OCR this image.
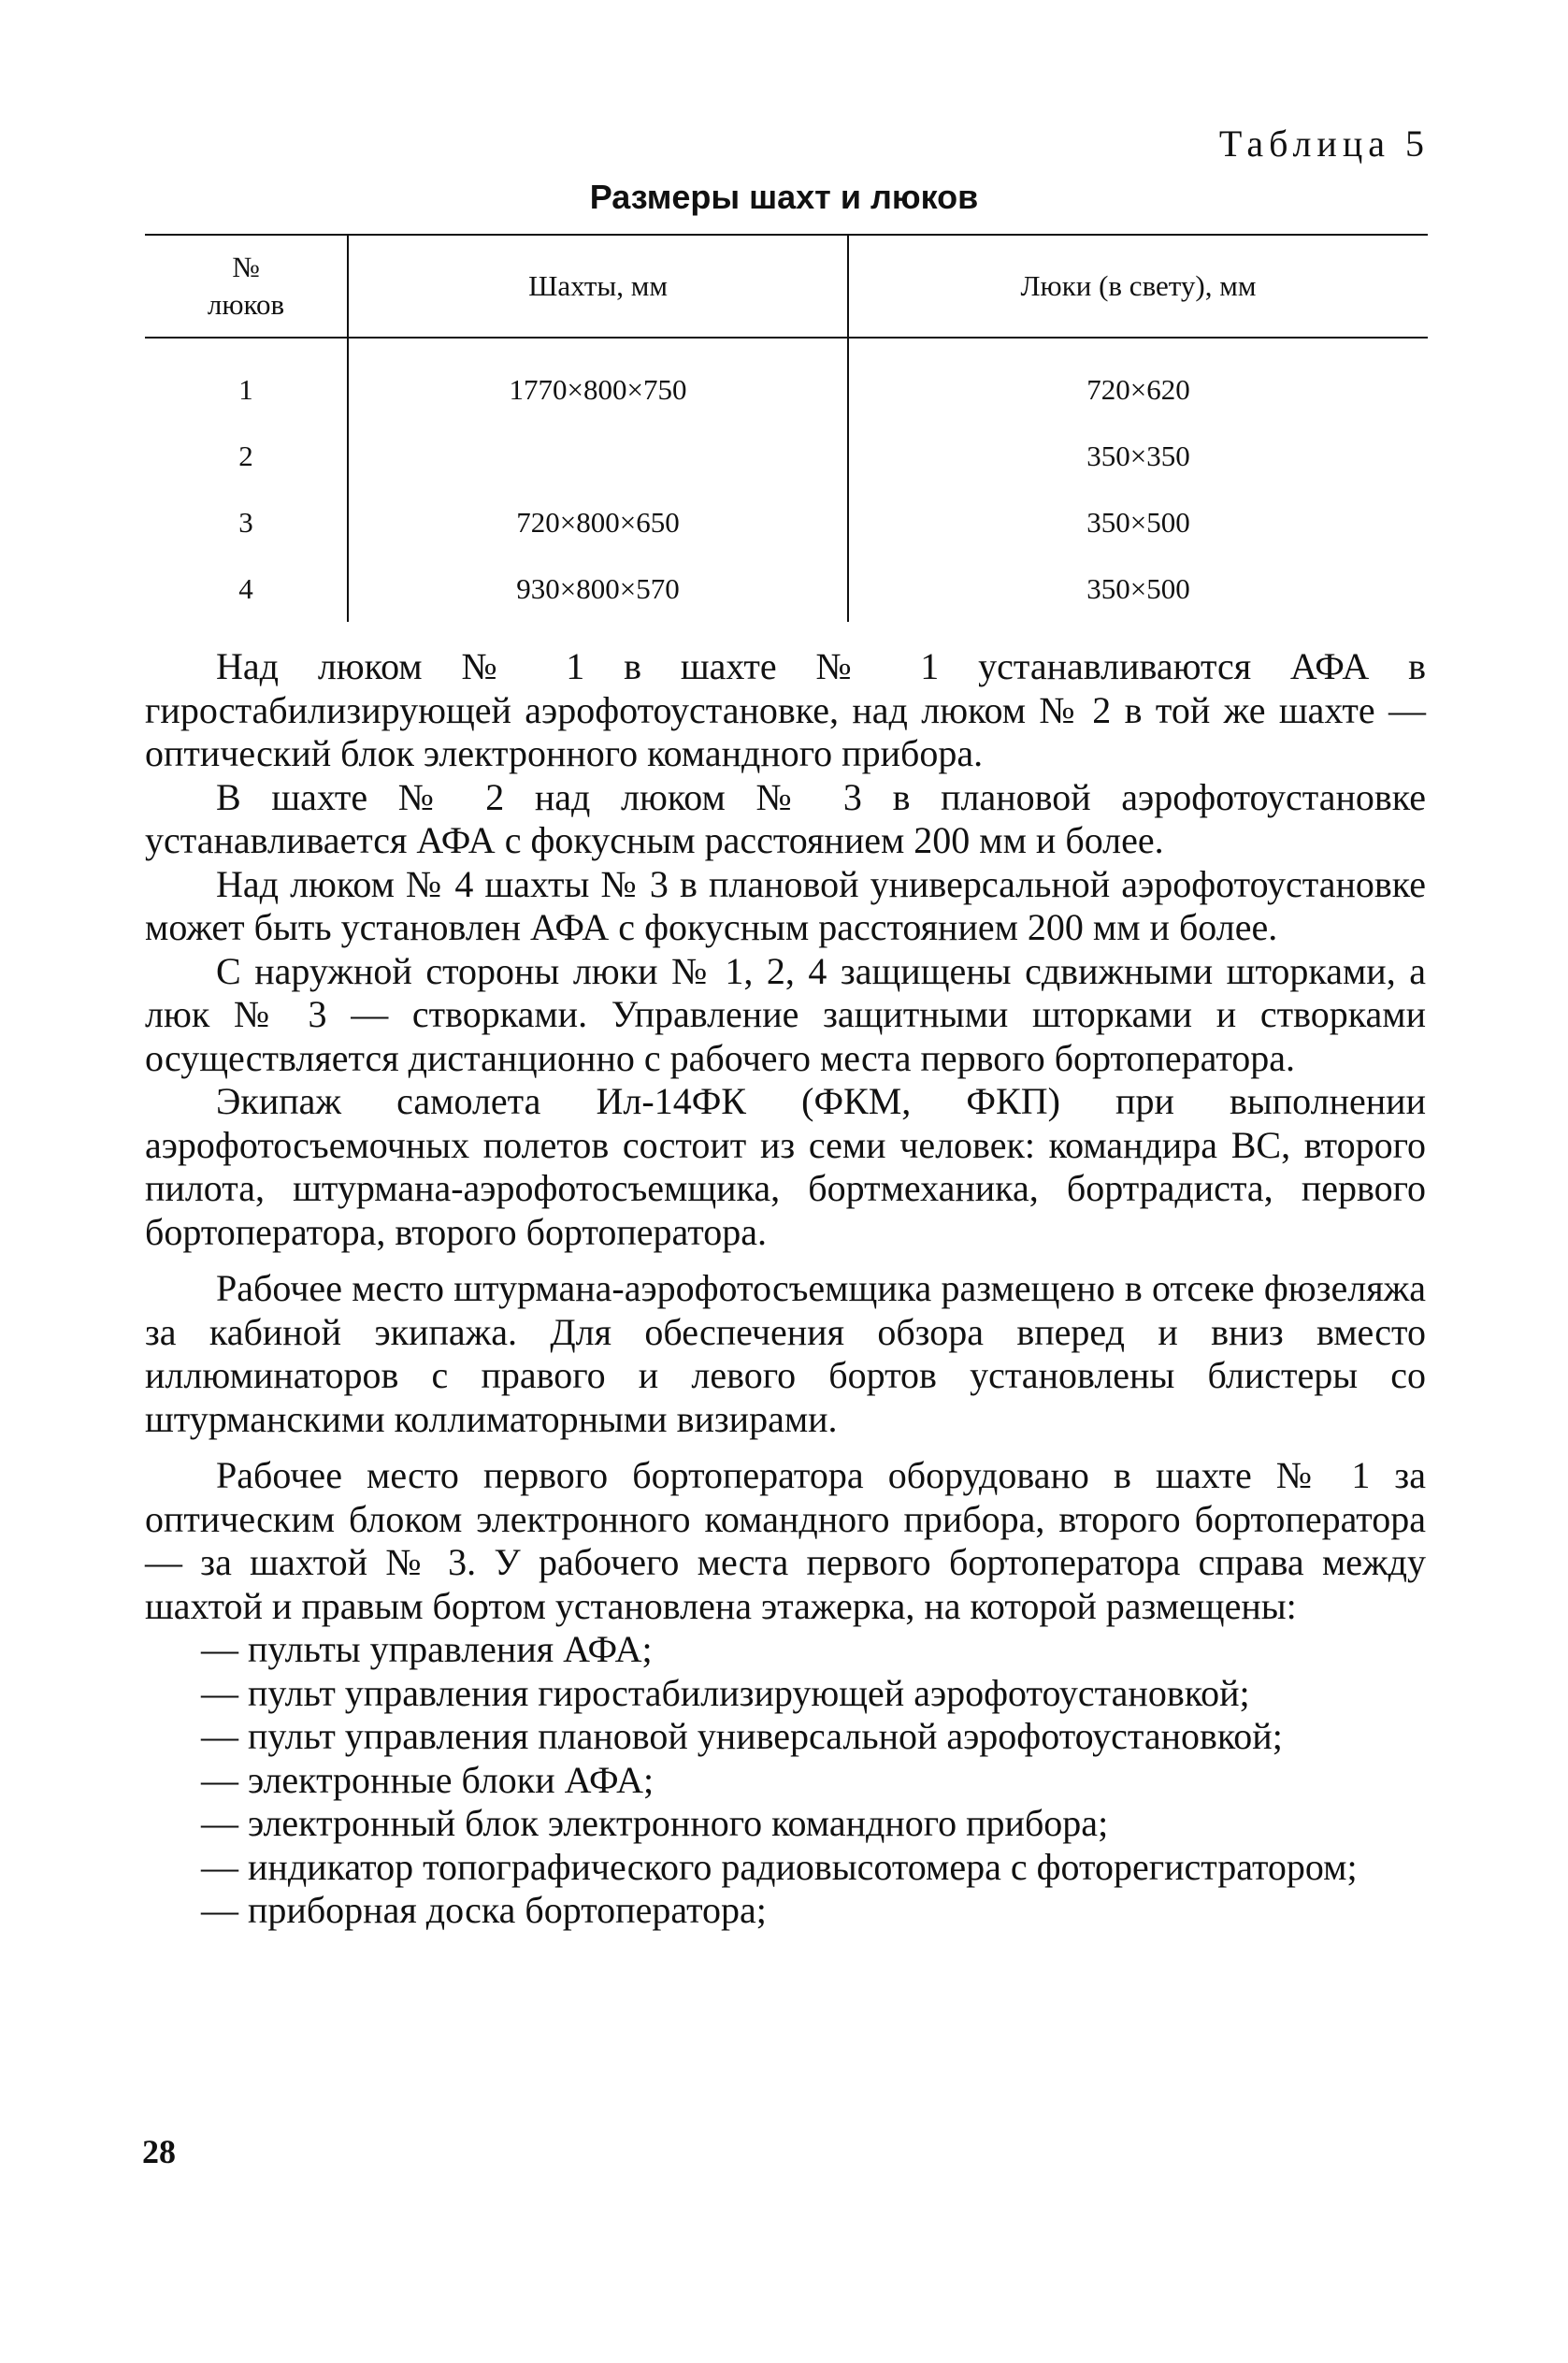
Таблица 5
Размеры шахт и люков
№
люков	Шахты, мм	Люки (в свету), мм
1	1770×800×750	720×620
2		350×350
3	720×800×650	350×500
4	930×800×570	350×500

Над люком № 1 в шахте № 1 устанавливаются АФА в гиростабилизирующей аэрофотоустановке, над люком № 2 в той же шахте — оптический блок электронного командного прибора.

В шахте № 2 над люком № 3 в плановой аэрофотоустановке устанавливается АФА с фокусным расстоянием 200 мм и более.

Над люком № 4 шахты № 3 в плановой универсальной аэрофотоустановке может быть установлен АФА с фокусным расстоянием 200 мм и более.

С наружной стороны люки № 1, 2, 4 защищены сдвижными шторками, а люк № 3 — створками. Управление защитными шторками и створками осуществляется дистанционно с рабочего места первого бортоператора.

Экипаж самолета Ил-14ФК (ФКМ, ФКП) при выполнении аэрофотосъемочных полетов состоит из семи человек: командира ВС, второго пилота, штурмана-аэрофотосъемщика, бортмеханика, бортрадиста, первого бортоператора, второго бортоператора.

Рабочее место штурмана-аэрофотосъемщика размещено в отсеке фюзеляжа за кабиной экипажа. Для обеспечения обзора вперед и вниз вместо иллюминаторов с правого и левого бортов установлены блистеры со штурманскими коллиматорными визирами.

Рабочее место первого бортоператора оборудовано в шахте № 1 за оптическим блоком электронного командного прибора, второго бортоператора — за шахтой № 3. У рабочего места первого бортоператора справа между шахтой и правым бортом установлена этажерка, на которой размещены:

— пульты управления АФА;

— пульт управления гиростабилизирующей аэрофотоустановкой;

— пульт управления плановой универсальной аэрофотоустановкой;

— электронные блоки АФА;

— электронный блок электронного командного прибора;

— индикатор топографического радиовысотомера с фоторегистратором;

— приборная доска бортоператора;

28
